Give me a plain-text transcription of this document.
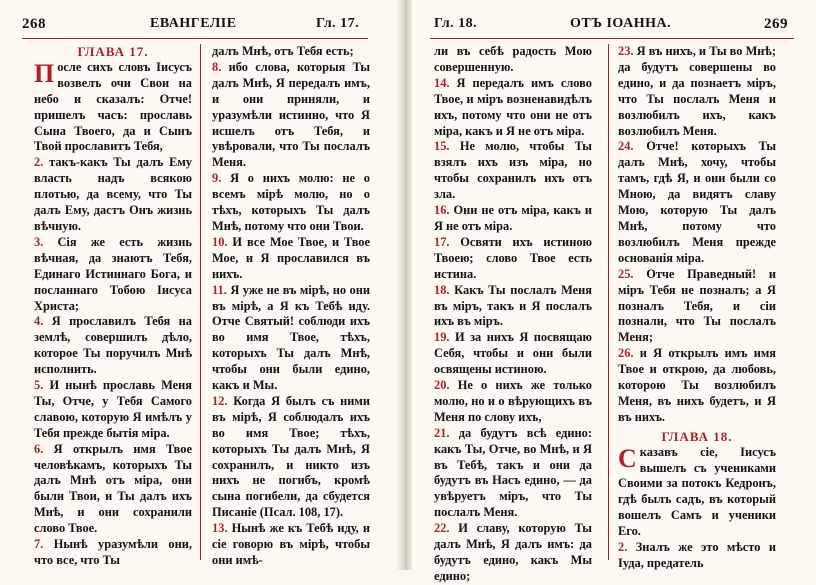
268	ЕВАНГЕЛІЕ	Гл. 17.

ГЛАВА 17.

После сихъ словъ Іисусъ возвелъ очи Свои на небо и сказалъ: Отче! пришелъ часъ: прославь Сына Твоего, да и Сынъ Твой прославитъ Тебя,

2. такъ-какъ Ты далъ Ему власть надъ всякою плотью, да всему, что Ты далъ Ему, дастъ Онъ жизнь вѣчную.

3. Сія же есть жизнь вѣчная, да знаютъ Тебя, Единаго Истиннаго Бога, и посланнаго Тобою Іисуса Христа;

4. Я прославилъ Тебя на землѣ, совершилъ дѣло, которое Ты поручилъ Мнѣ исполнить.

5. И нынѣ прославь Меня Ты, Отче, у Тебя Самого славою, которую Я имѣлъ у Тебя прежде бытія міра.

6. Я открылъ имя Твое человѣкамъ, которыхъ Ты далъ Мнѣ отъ міра, они были Твои, и Ты далъ ихъ Мнѣ, и они сохранили слово Твое.

7. Нынѣ уразумѣли они, что все, что Ты

далъ Мнѣ, отъ Тебя есть;

8. ибо слова, которыя Ты далъ Мнѣ, Я передалъ имъ, и они приняли, и уразумѣли истинно, что Я исшелъ отъ Тебя, и увѣровали, что Ты послалъ Меня.

9. Я о нихъ молю: не о всемъ мірѣ молю, но о тѣхъ, которыхъ Ты далъ Мнѣ, потому что они Твои.

10. И все Мое Твое, и Твое Мое, и Я прославился въ нихъ.

11. Я уже не въ мірѣ, но они въ мірѣ, а Я къ Тебѣ иду. Отче Святый! соблюди ихъ во имя Твое, тѣхъ, которыхъ Ты далъ Мнѣ, чтобы они были едино, какъ и Мы.

12. Когда Я былъ съ ними въ мірѣ, Я соблюдалъ ихъ во имя Твое; тѣхъ, которыхъ Ты далъ Мнѣ, Я сохранилъ, и никто изъ нихъ не погибъ, кромѣ сына погибели, да сбудется Писаніе (Псал. 108, 17).

13. Нынѣ же къ Тебѣ иду, и сіе говорю въ мірѣ, чтобы они имѣ-

Гл. 18.	ОТЪ ІОАННА.	269

ли въ себѣ радость Мою совершенную.

14. Я передалъ имъ слово Твое, и міръ возненавидѣлъ ихъ, потому что они не отъ міра, какъ и Я не отъ міра.

15. Не молю, чтобы Ты взялъ ихъ изъ міра, но чтобы сохранилъ ихъ отъ зла.

16. Они не отъ міра, какъ и Я не отъ міра.

17. Освяти ихъ истиною Твоею; слово Твое есть истина.

18. Какъ Ты послалъ Меня въ міръ, такъ и Я послалъ ихъ въ міръ.

19. И за нихъ Я посвящаю Себя, чтобы и они были освящены истиною.

20. Не о нихъ же только молю, но и о вѣрующихъ въ Меня по слову ихъ,

21. да будутъ всѣ едино: какъ Ты, Отче, во Мнѣ, и Я въ Тебѣ, такъ и они да будутъ въ Насъ едино, — да увѣруетъ міръ, что Ты послалъ Меня.

22. И славу, которую Ты далъ Мнѣ, Я далъ имъ: да будутъ едино, какъ Мы едино;

23. Я въ нихъ, и Ты во Мнѣ; да будутъ совершены во едино, и да познаетъ міръ, что Ты послалъ Меня и возлюбилъ ихъ, какъ возлюбилъ Меня.

24. Отче! которыхъ Ты далъ Мнѣ, хочу, чтобы тамъ, гдѣ Я, и они были со Мною, да видятъ славу Мою, которую Ты далъ Мнѣ, потому что возлюбилъ Меня прежде основанія міра.

25. Отче Праведный! и міръ Тебя не позналъ; а Я позналъ Тебя, и сіи познали, что Ты послалъ Меня;

26. и Я открылъ имъ имя Твое и открою, да любовь, которою Ты возлюбилъ Меня, въ нихъ будетъ, и Я въ нихъ.

ГЛАВА 18.

Сказавъ сіе, Іисусъ вышелъ съ учениками Своими за потокъ Кедронъ, гдѣ былъ садъ, въ который вошелъ Самъ и ученики Его.

2. Зналъ же это мѣсто и Іуда, предатель
